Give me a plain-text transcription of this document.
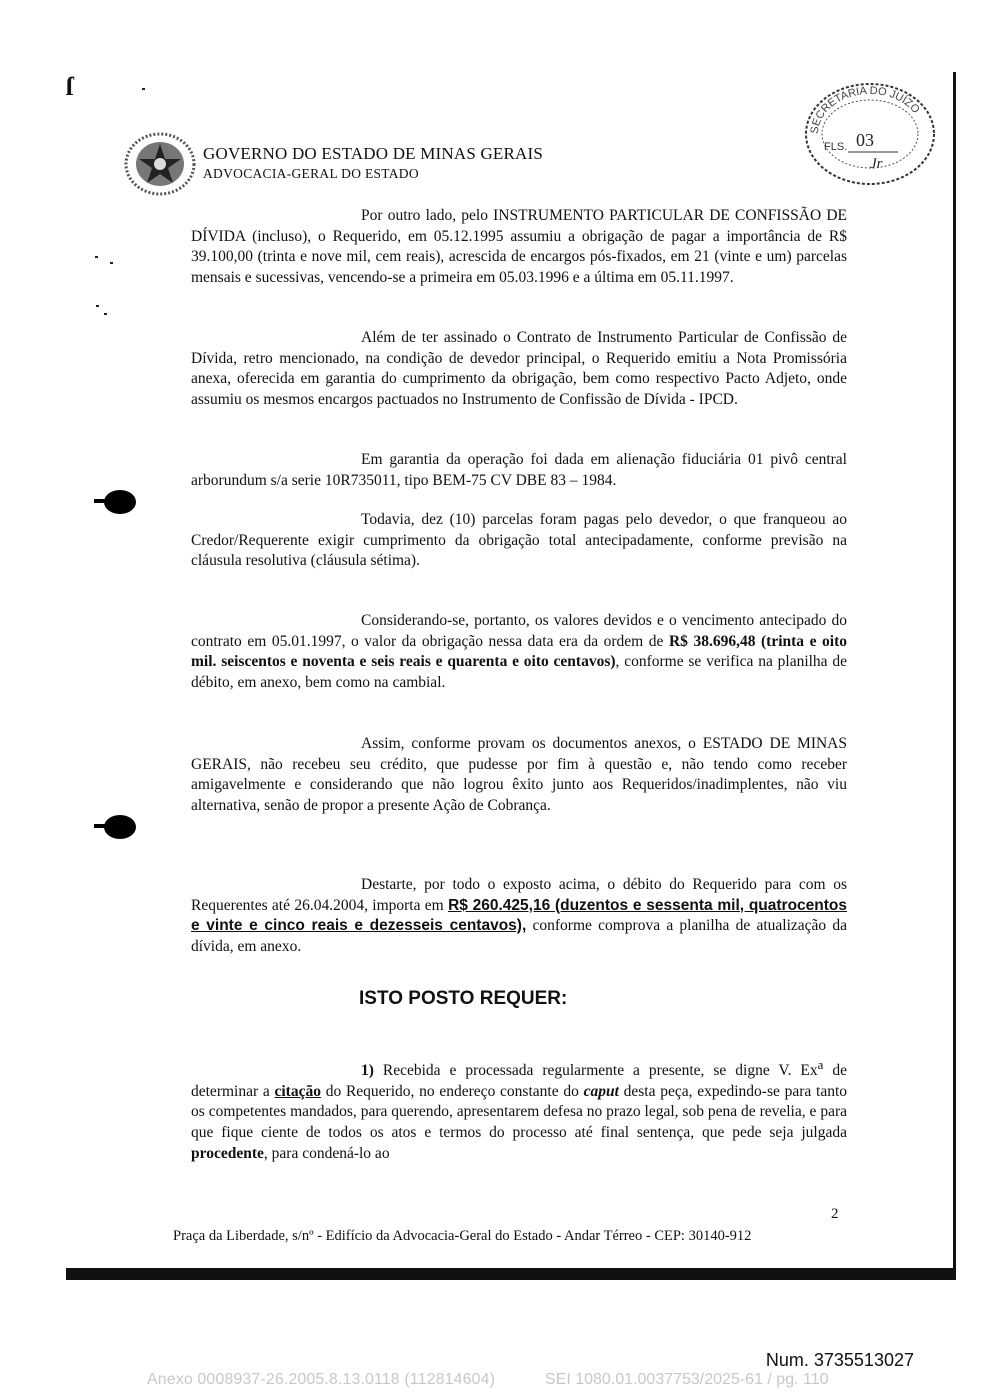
ſ
GOVERNO DO ESTADO DE MINAS GERAIS
ADVOCACIA-GERAL DO ESTADO
SECRETARIA DO JUÍZO
FLS. 03
Jr

Por outro lado, pelo INSTRUMENTO PARTICULAR DE CONFISSÃO DE DÍVIDA (incluso), o Requerido, em 05.12.1995 assumiu a obrigação de pagar a importância de R$ 39.100,00 (trinta e nove mil, cem reais), acrescida de encargos pós-fixados, em 21 (vinte e um) parcelas mensais e sucessivas, vencendo-se a primeira em 05.03.1996 e a última em 05.11.1997.

Além de ter assinado o Contrato de Instrumento Particular de Confissão de Dívida, retro mencionado, na condição de devedor principal, o Requerido emitiu a Nota Promissória anexa, oferecida em garantia do cumprimento da obrigação, bem como respectivo Pacto Adjeto, onde assumiu os mesmos encargos pactuados no Instrumento de Confissão de Dívida - IPCD.

Em garantia da operação foi dada em alienação fiduciária 01 pivô central arborundum s/a serie 10R735011, tipo BEM-75 CV DBE 83 – 1984.

Todavia, dez (10) parcelas foram pagas pelo devedor, o que franqueou ao Credor/Requerente exigir cumprimento da obrigação total antecipadamente, conforme previsão na cláusula resolutiva (cláusula sétima).

Considerando-se, portanto, os valores devidos e o vencimento antecipado do contrato em 05.01.1997, o valor da obrigação nessa data era da ordem de R$ 38.696,48 (trinta e oito mil. seiscentos e noventa e seis reais e quarenta e oito centavos), conforme se verifica na planilha de débito, em anexo, bem como na cambial.

Assim, conforme provam os documentos anexos, o ESTADO DE MINAS GERAIS, não recebeu seu crédito, que pudesse por fim à questão e, não tendo como receber amigavelmente e considerando que não logrou êxito junto aos Requeridos/inadimplentes, não viu alternativa, senão de propor a presente Ação de Cobrança.

Destarte, por todo o exposto acima, o débito do Requerido para com os Requerentes até 26.04.2004, importa em R$ 260.425,16 (duzentos e sessenta mil, quatrocentos e vinte e cinco reais e dezesseis centavos), conforme comprova a planilha de atualização da dívida, em anexo.

ISTO POSTO REQUER:

1) Recebida e processada regularmente a presente, se digne V. Ex$^a$ de determinar a citação do Requerido, no endereço constante do caput desta peça, expedindo-se para tanto os competentes mandados, para querendo, apresentarem defesa no prazo legal, sob pena de revelia, e para que fique ciente de todos os atos e termos do processo até final sentença, que pede seja julgada procedente, para condená-lo ao

2
Praça da Liberdade, s/nº - Edifício da Advocacia-Geral do Estado - Andar Térreo - CEP: 30140-912
Num. 3735513027
Anexo 0008937-26.2005.8.13.0118 (112814604)	SEI 1080.01.0037753/2025-61 / pg. 110
